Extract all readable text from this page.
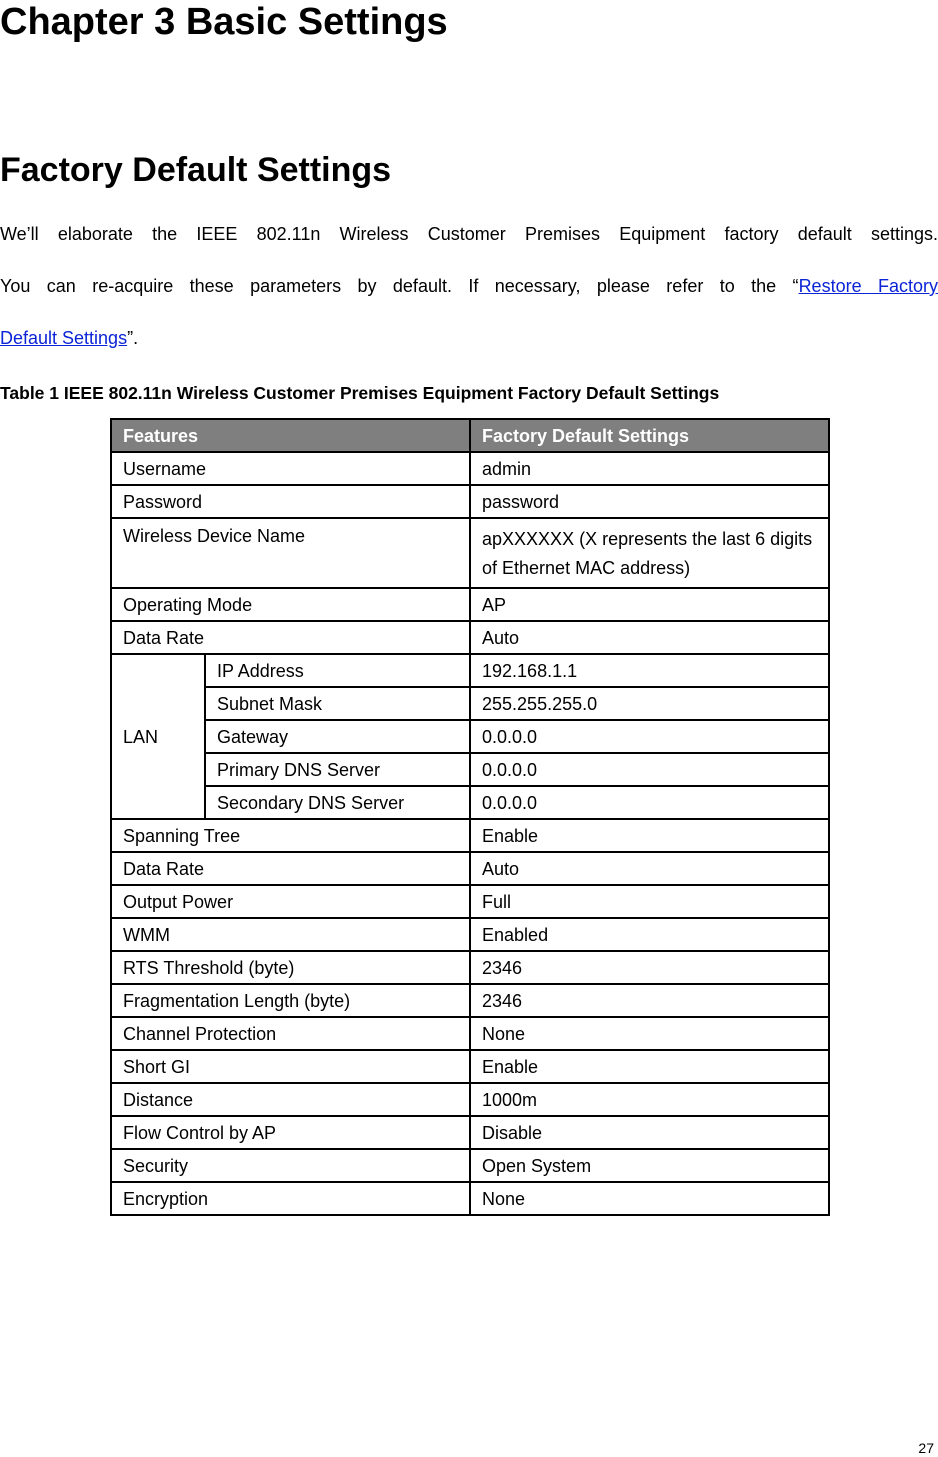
Chapter 3 Basic Settings
Factory Default Settings
We’ll elaborate the IEEE 802.11n Wireless Customer Premises Equipment factory default settings.
You can re-acquire these parameters by default. If necessary, please refer to the “Restore Factory
Default Settings”.

Table 1 IEEE 802.11n Wireless Customer Premises Equipment Factory Default Settings

Features		Factory Default Settings
Username		admin
Password		password
Wireless Device Name		apXXXXXX (X represents the last 6 digits of Ethernet MAC address)
Operating Mode		AP
Data Rate		Auto
LAN	IP Address	192.168.1.1
	Subnet Mask	255.255.255.0
	Gateway	0.0.0.0
	Primary DNS Server	0.0.0.0
	Secondary DNS Server	0.0.0.0
Spanning Tree		Enable
Data Rate		Auto
Output Power		Full
WMM		Enabled
RTS Threshold (byte)		2346
Fragmentation Length (byte)		2346
Channel Protection		None
Short GI		Enable
Distance		1000m
Flow Control by AP		Disable
Security		Open System
Encryption		None
27
